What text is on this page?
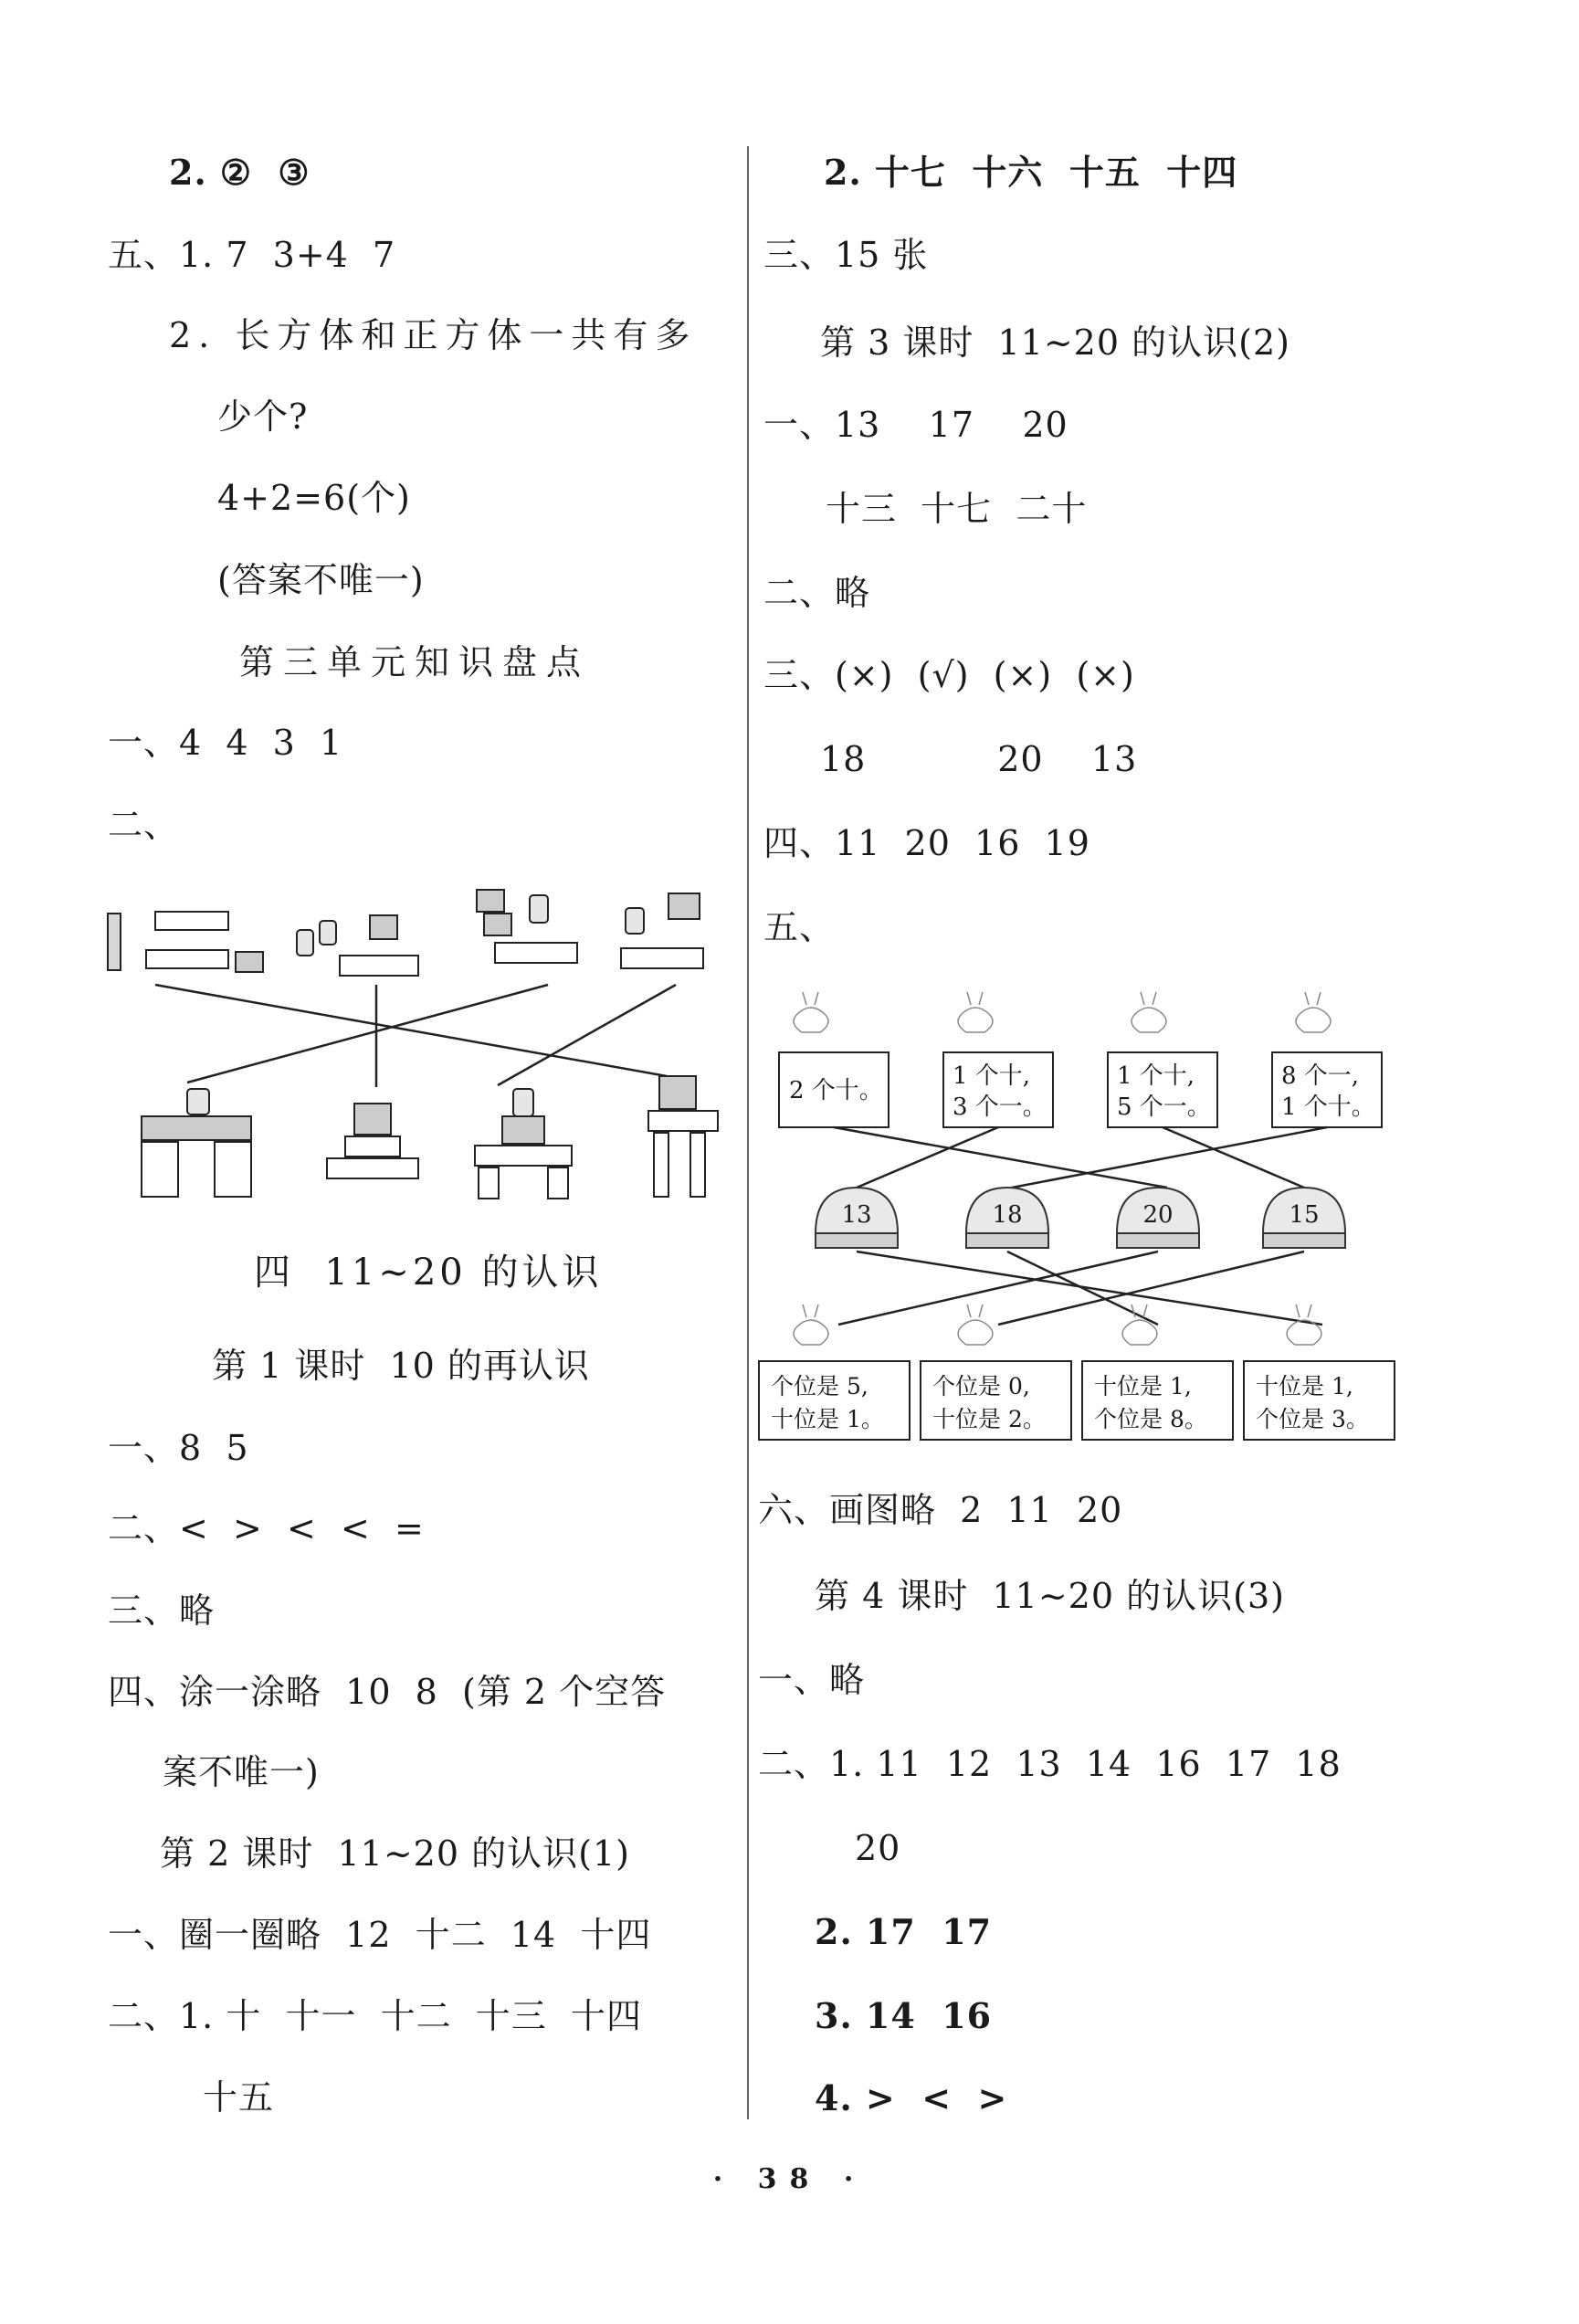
2. ②  ③
五、1. 7  3+4  7
2. 长方体和正方体一共有多
少个?
4+2=6(个)
(答案不唯一)
第三单元知识盘点
一、4  4  3  1
二、
四  11~20 的认识
第 1 课时  10 的再认识
一、8  5
二、<  >  <  <  =
三、略
四、涂一涂略  10  8  (第 2 个空答
案不唯一)
第 2 课时  11~20 的认识(1)
一、圈一圈略  12  十二  14  十四
二、1. 十  十一  十二  十三  十四
十五
2. 十七  十六  十五  十四
三、15 张
第 3 课时  11~20 的认识(2)
一、13    17    20
十三  十七  二十
二、略
三、(×)  (√)  (×)  (×)
18           20    13
四、11  20  16  19
五、
2 个十。
1 个十,
3 个一。
1 个十,
5 个一。
8 个一,
1 个十。
13	18	20	15
个位是 5,
十位是 1。
个位是 0,
十位是 2。
十位是 1,
个位是 8。
十位是 1,
个位是 3。
六、画图略  2  11  20
第 4 课时  11~20 的认识(3)
一、略
二、1. 11  12  13  14  16  17  18
20
2. 17  17
3. 14  16
4. >  <  >
· 38 ·
